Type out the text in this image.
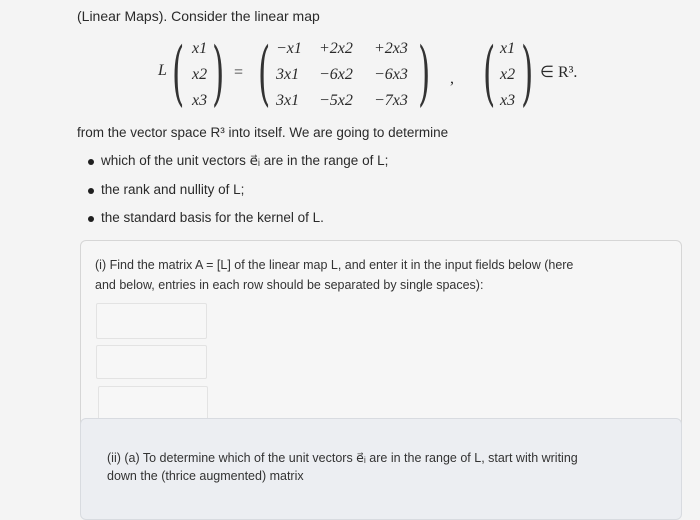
(Linear Maps). Consider the linear map
L ( x1
x2
x3 ) = ( −x1 +2x2 +2x3
3x1 −6x2 −6x3
3x1 −5x2 −7x3 ) , ( x1
x2
x3 ) ∈ R³.
from the vector space R³ into itself. We are going to determine
which of the unit vectors e⃗ᵢ are in the range of L;
the rank and nullity of L;
the standard basis for the kernel of L.
(i) Find the matrix A = [L] of the linear map L, and enter it in the input fields below (here
and below, entries in each row should be separated by single spaces):
(ii) (a) To determine which of the unit vectors e⃗ᵢ are in the range of L, start with writing
down the (thrice augmented) matrix
